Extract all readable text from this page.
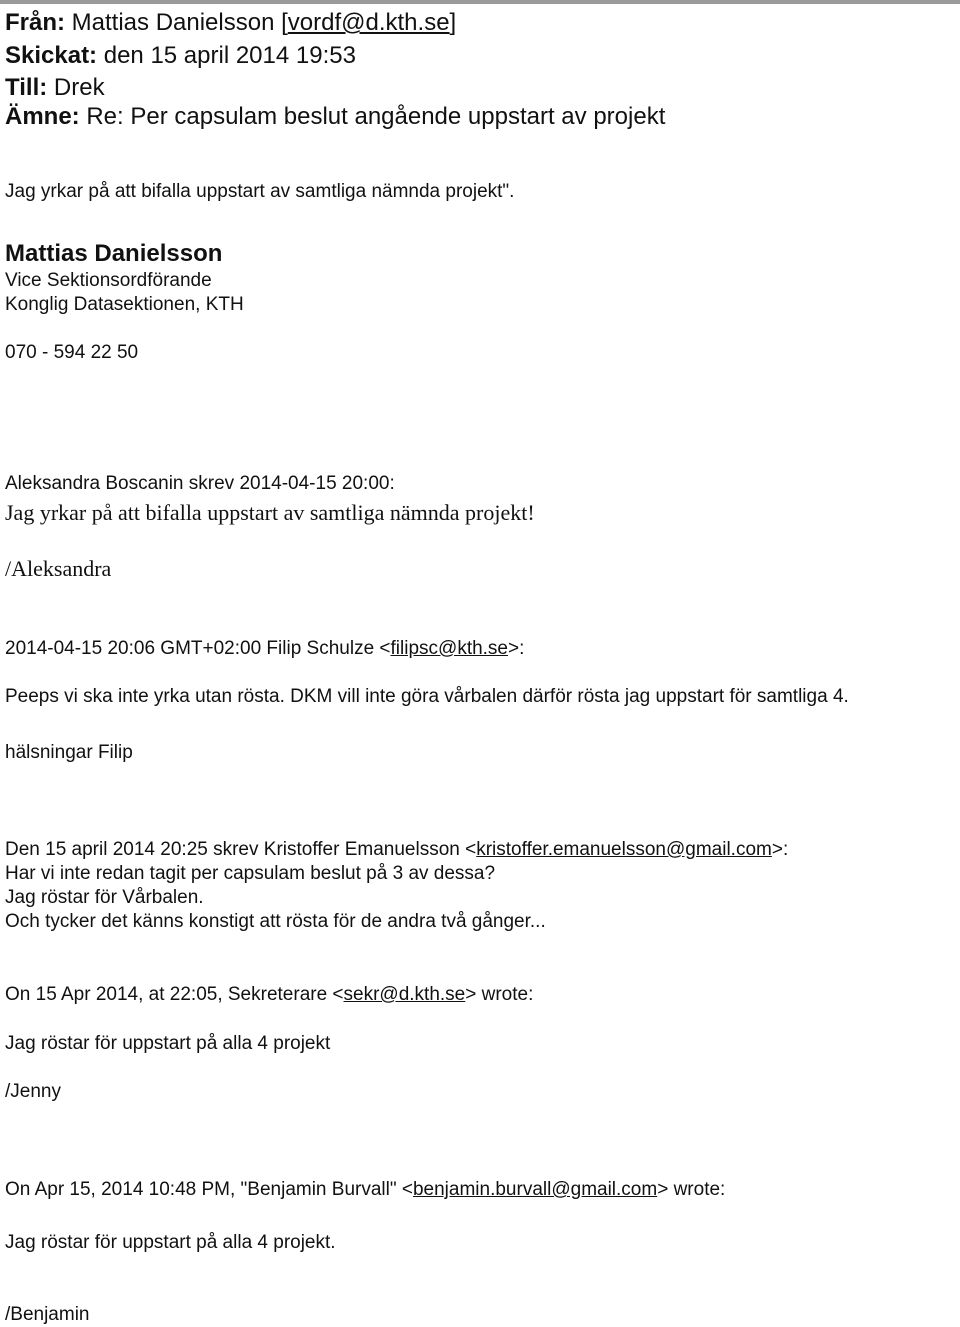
Från: Mattias Danielsson [vordf@d.kth.se]
Skickat: den 15 april 2014 19:53
Till: Drek
Ämne: Re: Per capsulam beslut angående uppstart av projekt
Jag yrkar på att bifalla uppstart av samtliga nämnda projekt".
Mattias Danielsson
Vice Sektionsordförande
Konglig Datasektionen, KTH
070 - 594 22 50
Aleksandra Boscanin skrev 2014-04-15 20:00:
Jag yrkar på att bifalla uppstart av samtliga nämnda projekt!
/Aleksandra
2014-04-15 20:06 GMT+02:00 Filip Schulze <filipsc@kth.se>:
Peeps vi ska inte yrka utan rösta. DKM vill inte göra vårbalen därför rösta jag uppstart för samtliga 4.
hälsningar Filip
Den 15 april 2014 20:25 skrev Kristoffer Emanuelsson <kristoffer.emanuelsson@gmail.com>:
Har vi inte redan tagit per capsulam beslut på 3 av dessa?
Jag röstar för Vårbalen.
Och tycker det känns konstigt att rösta för de andra två gånger...
On 15 Apr 2014, at 22:05, Sekreterare <sekr@d.kth.se> wrote:
Jag röstar för uppstart på alla 4 projekt
/Jenny
On Apr 15, 2014 10:48 PM, "Benjamin Burvall" <benjamin.burvall@gmail.com> wrote:
Jag röstar för uppstart på alla 4 projekt.
/Benjamin
